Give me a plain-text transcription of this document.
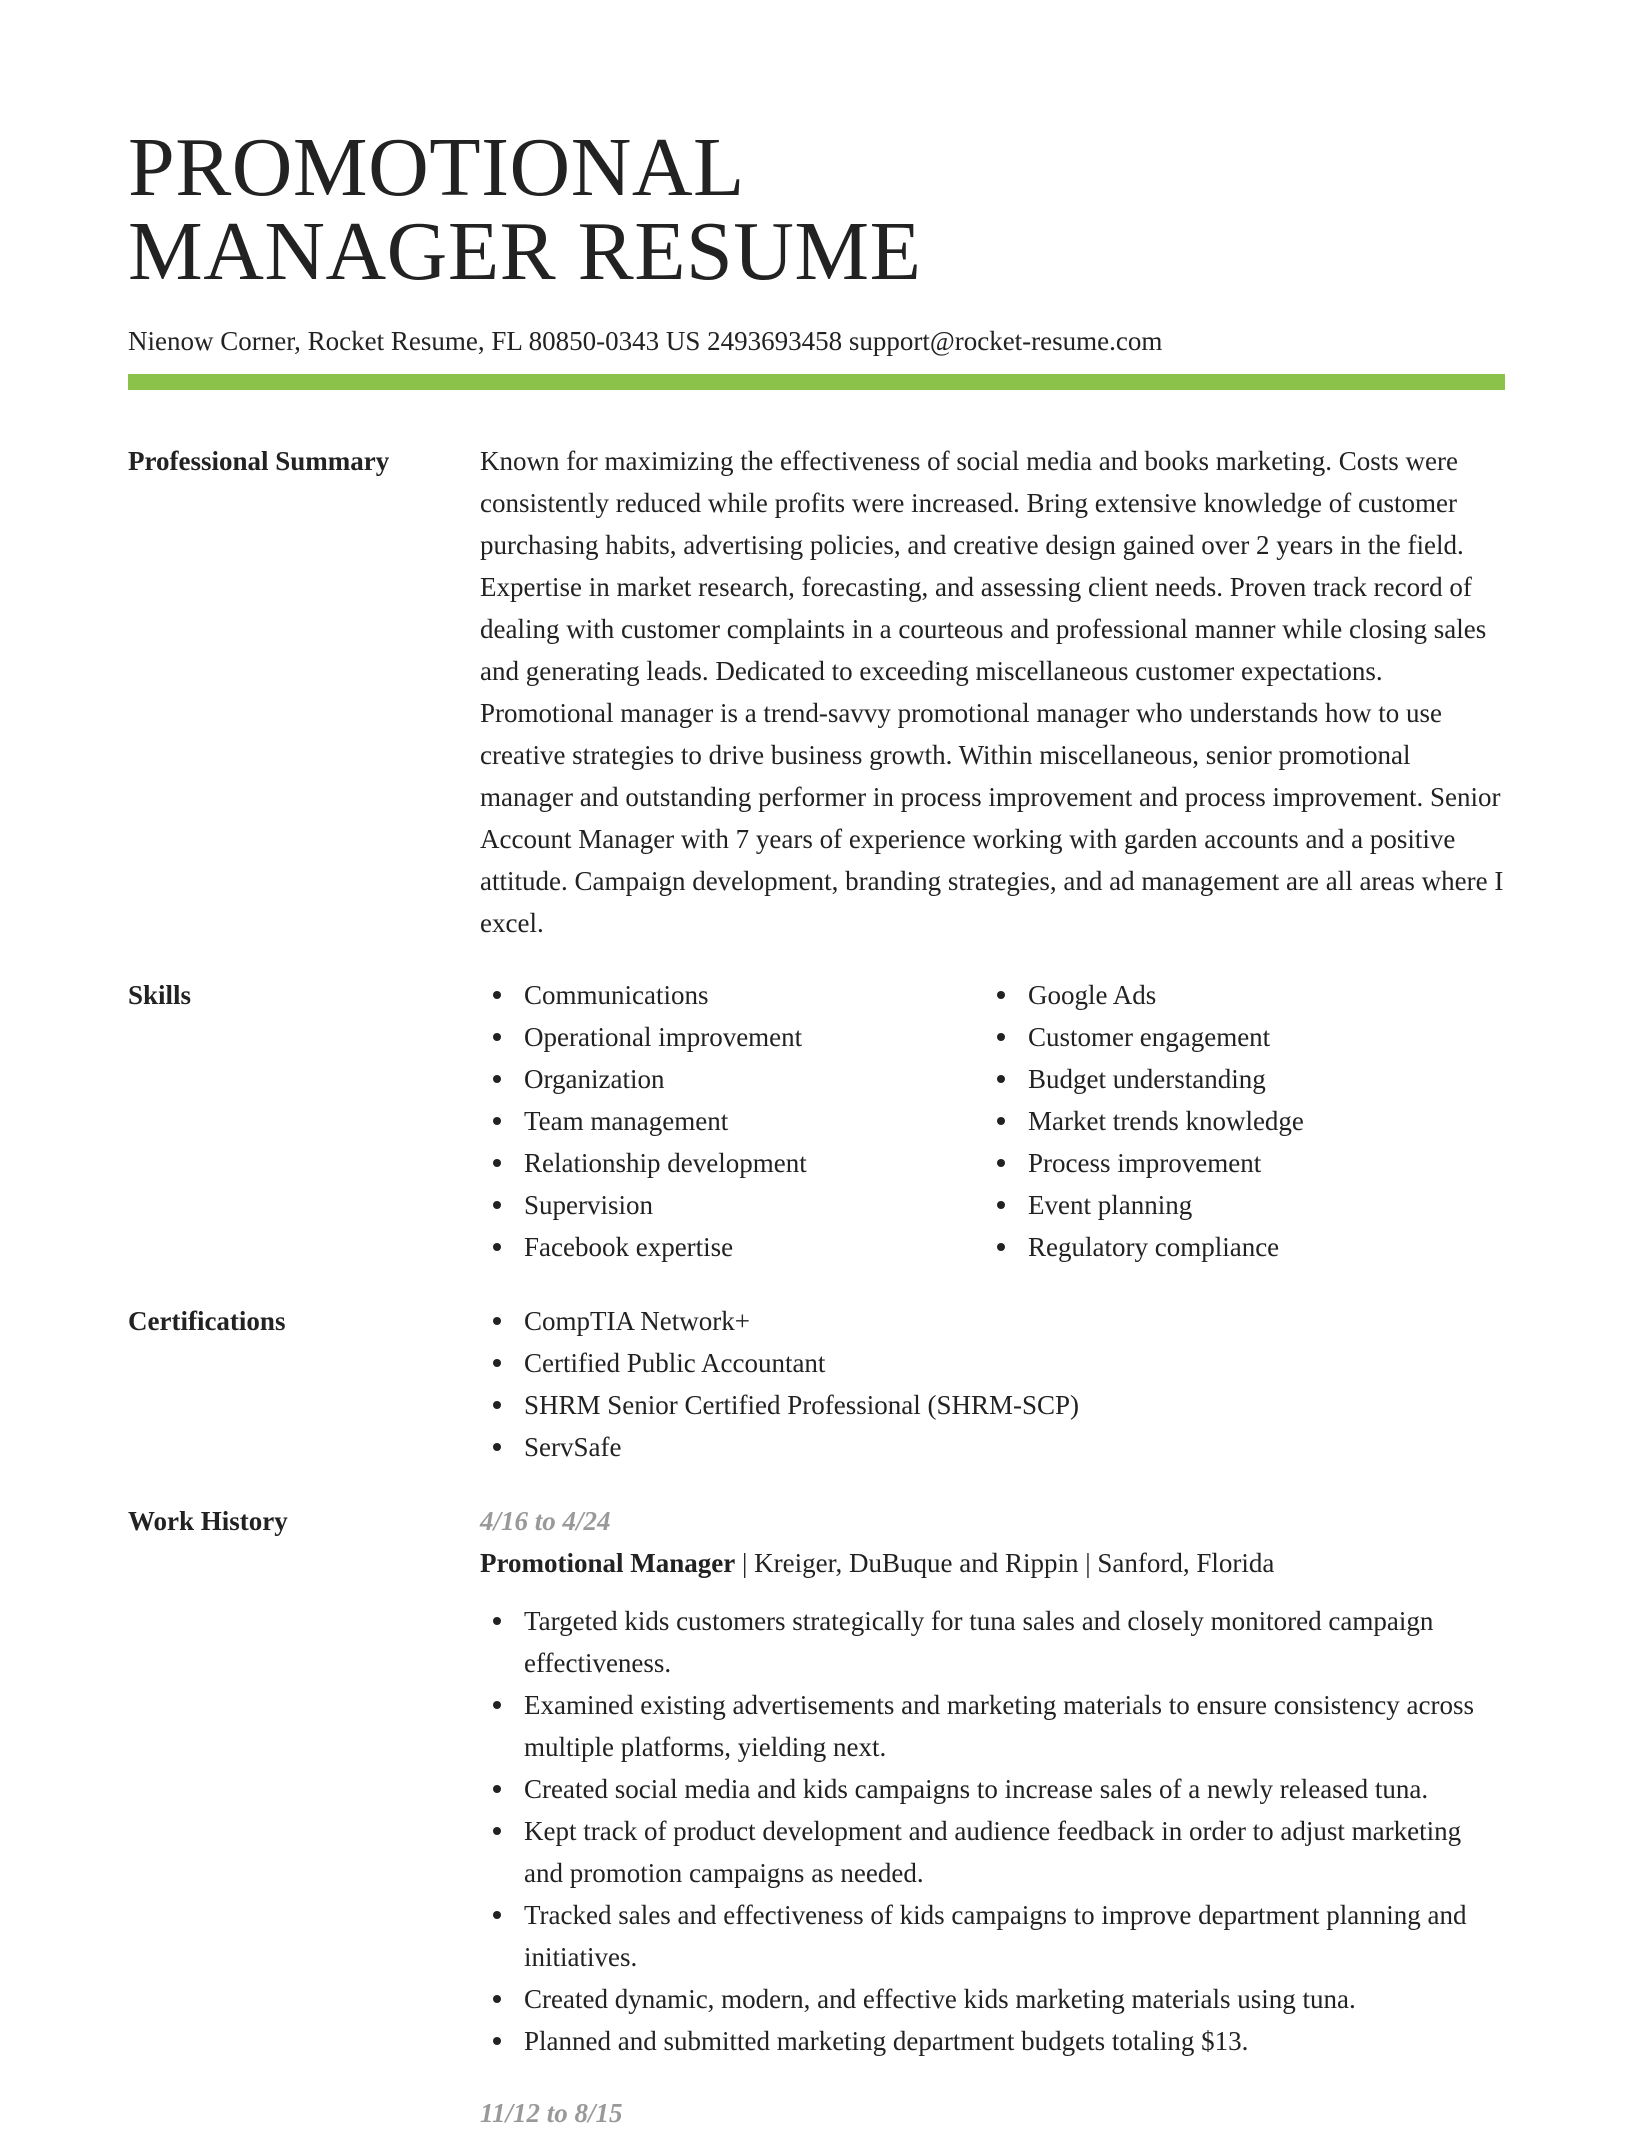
PROMOTIONAL
MANAGER RESUME
Nienow Corner, Rocket Resume, FL 80850-0343 US 2493693458 support@rocket-resume.com
Professional Summary	Known for maximizing the effectiveness of social media and books marketing. Costs were consistently reduced while profits were increased. Bring extensive knowledge of customer purchasing habits, advertising policies, and creative design gained over 2 years in the field. Expertise in market research, forecasting, and assessing client needs. Proven track record of dealing with customer complaints in a courteous and professional manner while closing sales and generating leads. Dedicated to exceeding miscellaneous customer expectations. Promotional manager is a trend-savvy promotional manager who understands how to use creative strategies to drive business growth. Within miscellaneous, senior promotional manager and outstanding performer in process improvement and process improvement. Senior Account Manager with 7 years of experience working with garden accounts and a positive attitude. Campaign development, branding strategies, and ad management are all areas where I excel.

Skills	Communications
Operational improvement
Organization
Team management
Relationship development
Supervision
Facebook expertise
Google Ads
Customer engagement
Budget understanding
Market trends knowledge
Process improvement
Event planning
Regulatory compliance
Certifications	CompTIA Network+
Certified Public Accountant
SHRM Senior Certified Professional (SHRM-SCP)
ServSafe
Work History	4/16 to 4/24

Promotional Manager | Kreiger, DuBuque and Rippin | Sanford, Florida

Targeted kids customers strategically for tuna sales and closely monitored campaign effectiveness.
Examined existing advertisements and marketing materials to ensure consistency across multiple platforms, yielding next.
Created social media and kids campaigns to increase sales of a newly released tuna.
Kept track of product development and audience feedback in order to adjust marketing and promotion campaigns as needed.
Tracked sales and effectiveness of kids campaigns to improve department planning and initiatives.
Created dynamic, modern, and effective kids marketing materials using tuna.
Planned and submitted marketing department budgets totaling $13.
11/12 to 8/15
